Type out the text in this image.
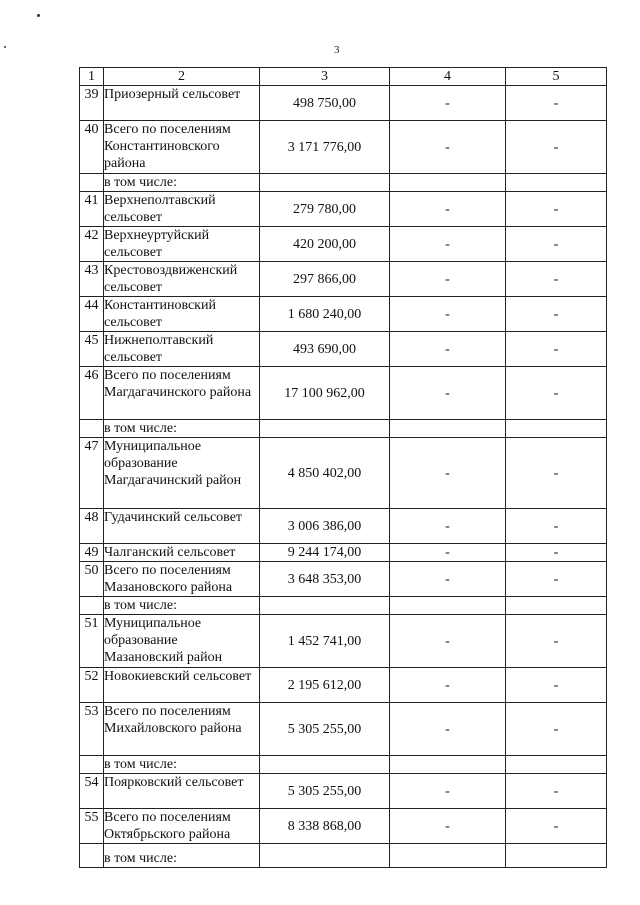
3
1	2	3	4	5
39	Приозерный сельсовет	498 750,00	-	-
40	Всего по поселениям Константиновского района	3 171 776,00	-	-
	в том числе:			
41	Верхнеполтавский сельсовет	279 780,00	-	-
42	Верхнеуртуйский сельсовет	420 200,00	-	-
43	Крестовоздвиженский сельсовет	297 866,00	-	-
44	Константиновский сельсовет	1 680 240,00	-	-
45	Нижнеполтавский сельсовет	493 690,00	-	-
46	Всего по поселениям Магдагачинского района	17 100 962,00	-	-
	в том числе:			
47	Муниципальное образование Магдагачинский район	4 850 402,00	-	-
48	Гудачинский сельсовет	3 006 386,00	-	-
49	Чалганский сельсовет	9 244 174,00	-	-
50	Всего по поселениям Мазановского района	3 648 353,00	-	-
	в том числе:			
51	Муниципальное образование Мазановский район	1 452 741,00	-	-
52	Новокиевский сельсовет	2 195 612,00	-	-
53	Всего по поселениям Михайловского района	5 305 255,00	-	-
	в том числе:			
54	Поярковский сельсовет	5 305 255,00	-	-
55	Всего по поселениям Октябрьского района	8 338 868,00	-	-
	в том числе:			
